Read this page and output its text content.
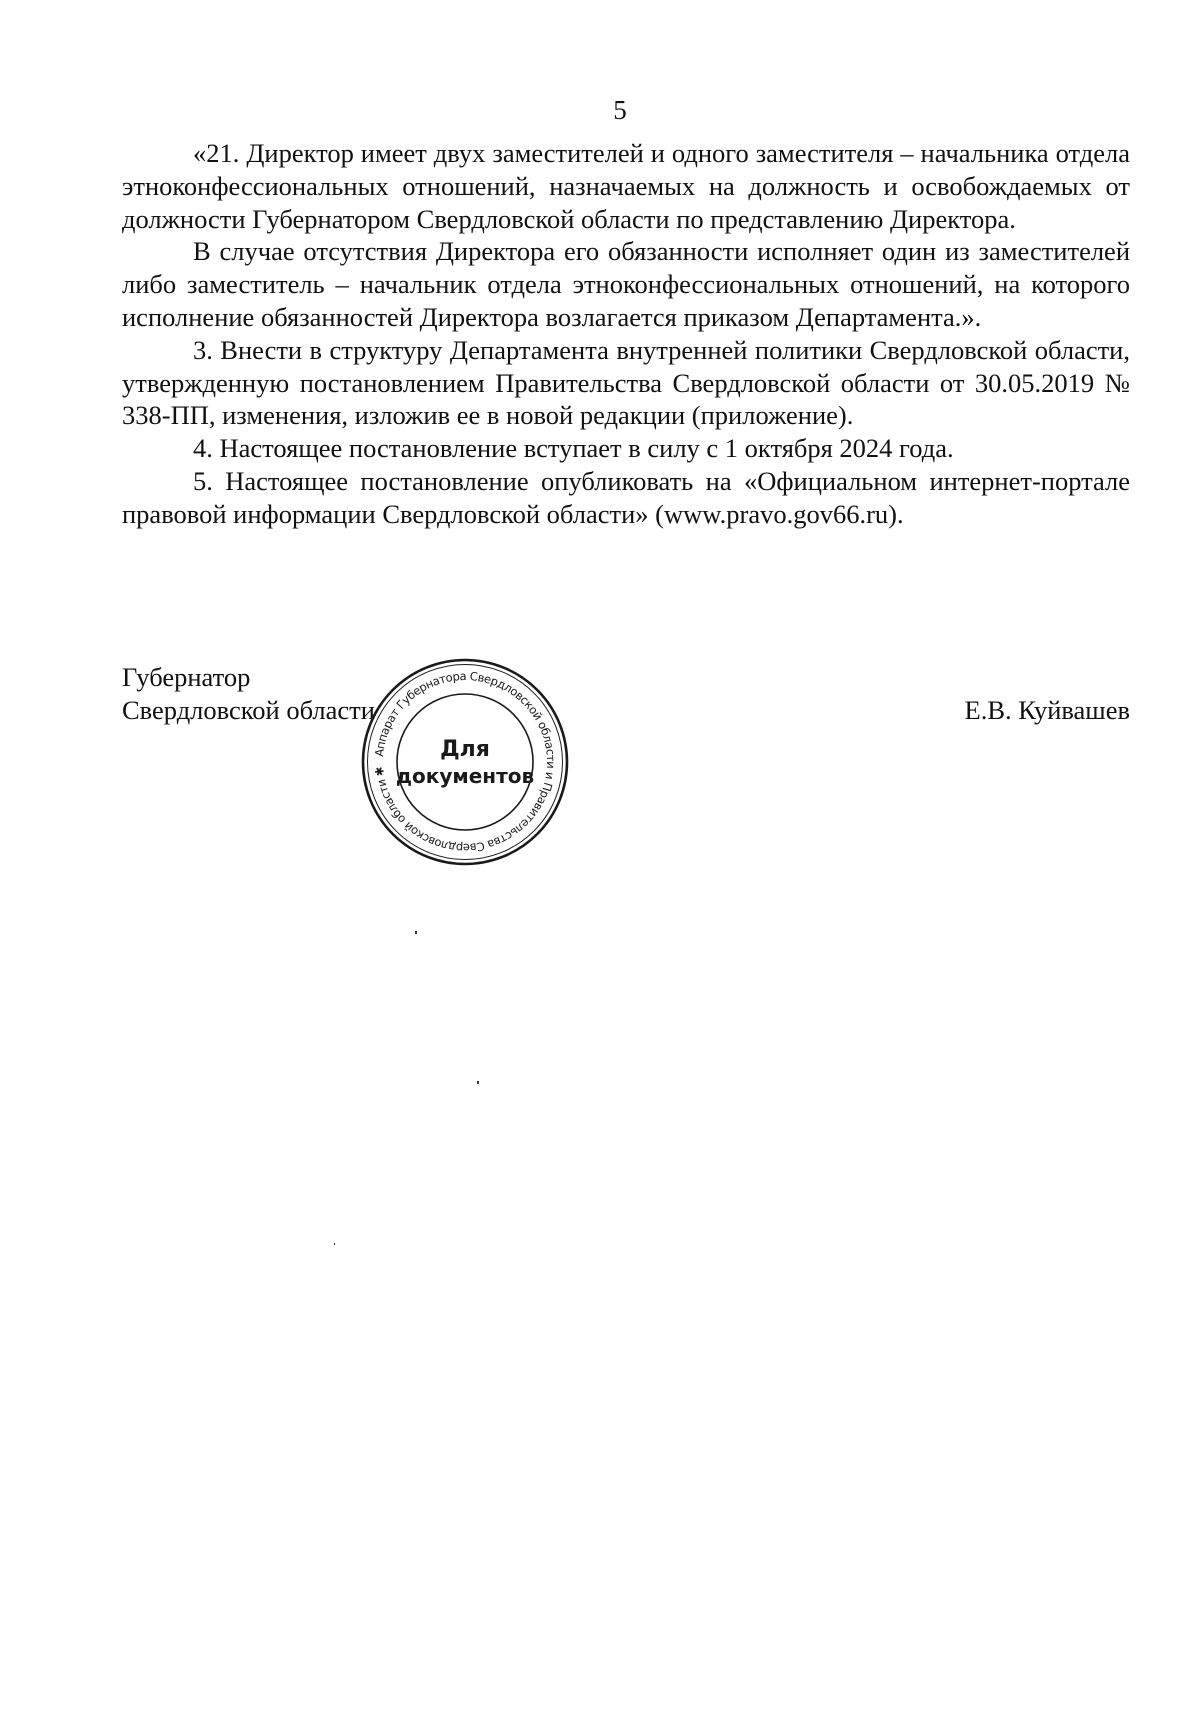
5

«21. Директор имеет двух заместителей и одного заместителя – начальника отдела этноконфессиональных отношений, назначаемых на должность и освобождаемых от должности Губернатором Свердловской области по представлению Директора.

В случае отсутствия Директора его обязанности исполняет один из заместителей либо заместитель – начальник отдела этноконфессиональных отношений, на которого исполнение обязанностей Директора возлагается приказом Департамента.».

3. Внести в структуру Департамента внутренней политики Свердловской области, утвержденную постановлением Правительства Свердловской области от 30.05.2019 № 338-ПП, изменения, изложив ее в новой редакции (приложение).

4. Настоящее постановление вступает в силу с 1 октября 2024 года.

5. Настоящее постановление опубликовать на «Официальном интернет-портале правовой информации Свердловской области» (www.pravo.gov66.ru).

Губернатор
Свердловской области	Е.В. Куйвашев
Аппарат Губернатора Свердловской области и Правительства Свердловской области ✱
Для
документов
